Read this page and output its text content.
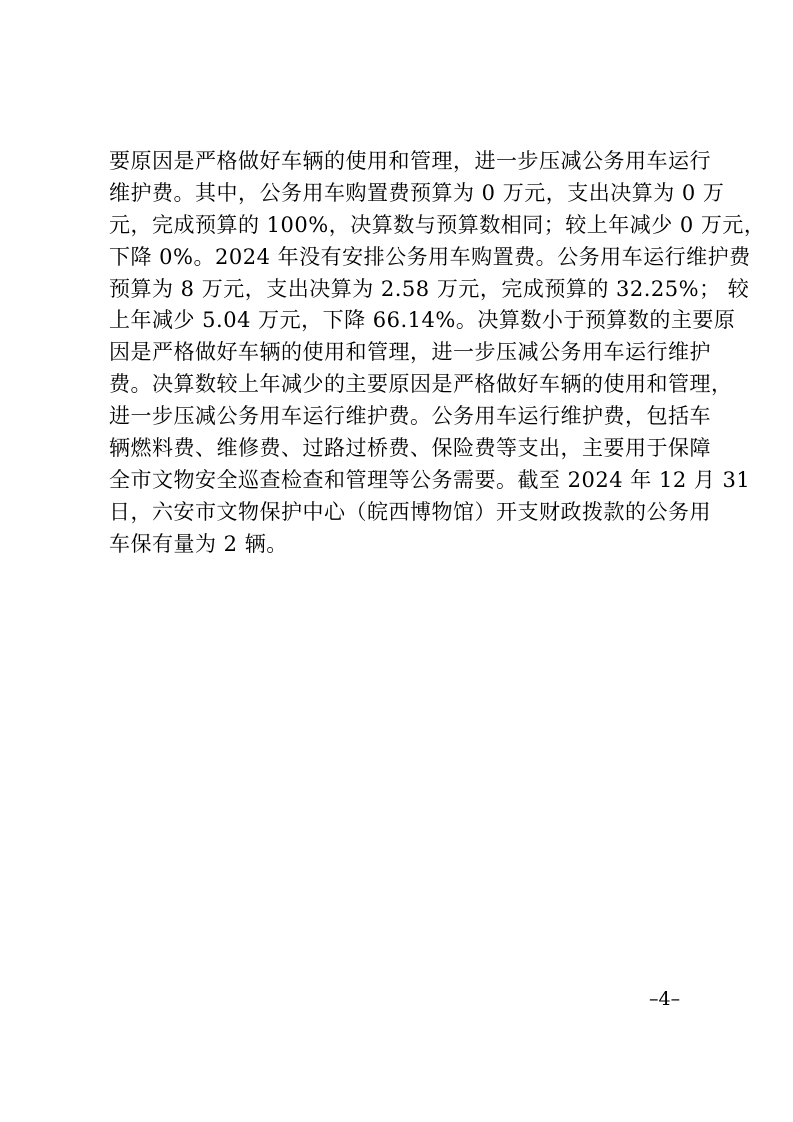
要原因是严格做好车辆的使用和管理，进一步压减公务用车运行
维护费。其中，公务用车购置费预算为 0 万元，支出决算为 0 万
元，完成预算的 100%，决算数与预算数相同；较上年减少 0 万元，
下降 0%。2024 年没有安排公务用车购置费。公务用车运行维护费
预算为 8 万元，支出决算为 2.58 万元，完成预算的 32.25%； 较
上年减少 5.04 万元，下降 66.14%。决算数小于预算数的主要原
因是严格做好车辆的使用和管理，进一步压减公务用车运行维护
费。决算数较上年减少的主要原因是严格做好车辆的使用和管理，
进一步压减公务用车运行维护费。公务用车运行维护费，包括车
辆燃料费、维修费、过路过桥费、保险费等支出，主要用于保障
全市文物安全巡查检查和管理等公务需要。截至 2024 年 12 月 31
日，六安市文物保护中心（皖西博物馆）开支财政拨款的公务用
车保有量为 2 辆。
–4–
